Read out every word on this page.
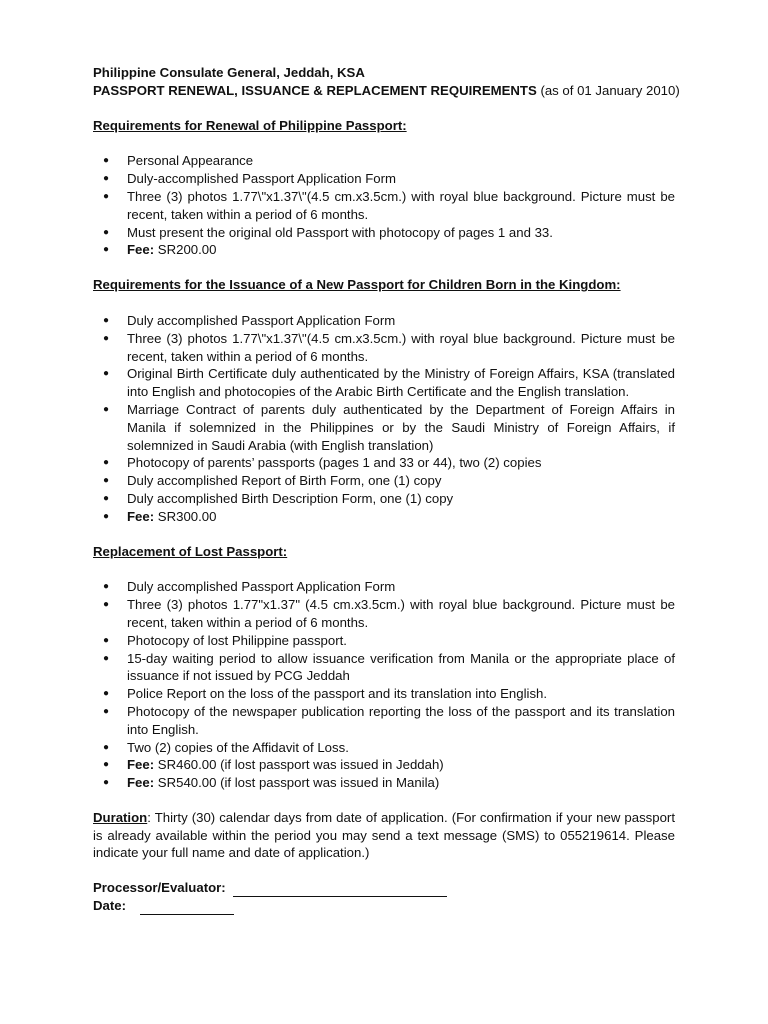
Philippine Consulate General, Jeddah, KSA
PASSPORT RENEWAL, ISSUANCE & REPLACEMENT REQUIREMENTS (as of 01 January 2010)
Requirements for Renewal of Philippine Passport:
● Personal Appearance
● Duly-accomplished Passport Application Form
● Three (3) photos 1.77\"x1.37\"(4.5 cm.x3.5cm.) with royal blue background. Picture must be recent, taken within a period of 6 months.
● Must present the original old Passport with photocopy of pages 1 and 33.
● Fee: SR200.00
Requirements for the Issuance of a New Passport for Children Born in the Kingdom:
● Duly accomplished Passport Application Form
● Three (3) photos 1.77\"x1.37\"(4.5 cm.x3.5cm.) with royal blue background. Picture must be recent, taken within a period of 6 months.
● Original Birth Certificate duly authenticated by the Ministry of Foreign Affairs, KSA (translated into English and photocopies of the Arabic Birth Certificate and the English translation.
● Marriage Contract of parents duly authenticated by the Department of Foreign Affairs in Manila if solemnized in the Philippines or by the Saudi Ministry of Foreign Affairs, if solemnized in Saudi Arabia (with English translation)
● Photocopy of parents’ passports (pages 1 and 33 or 44), two (2) copies
● Duly accomplished Report of Birth Form, one (1) copy
● Duly accomplished Birth Description Form, one (1) copy
● Fee: SR300.00
Replacement of Lost Passport:
● Duly accomplished Passport Application Form
● Three (3) photos 1.77"x1.37" (4.5 cm.x3.5cm.) with royal blue background. Picture must be recent, taken within a period of 6 months.
● Photocopy of lost Philippine passport.
● 15-day waiting period to allow issuance verification from Manila or the appropriate place of issuance if not issued by PCG Jeddah
● Police Report on the loss of the passport and its translation into English.
● Photocopy of the newspaper publication reporting the loss of the passport and its translation into English.
● Two (2) copies of the Affidavit of Loss.
● Fee: SR460.00 (if lost passport was issued in Jeddah)
● Fee: SR540.00 (if lost passport was issued in Manila)
Duration: Thirty (30) calendar days from date of application. (For confirmation if your new passport is already available within the period you may send a text message (SMS) to 055219614. Please indicate your full name and date of application.)
Processor/Evaluator:
Date:
